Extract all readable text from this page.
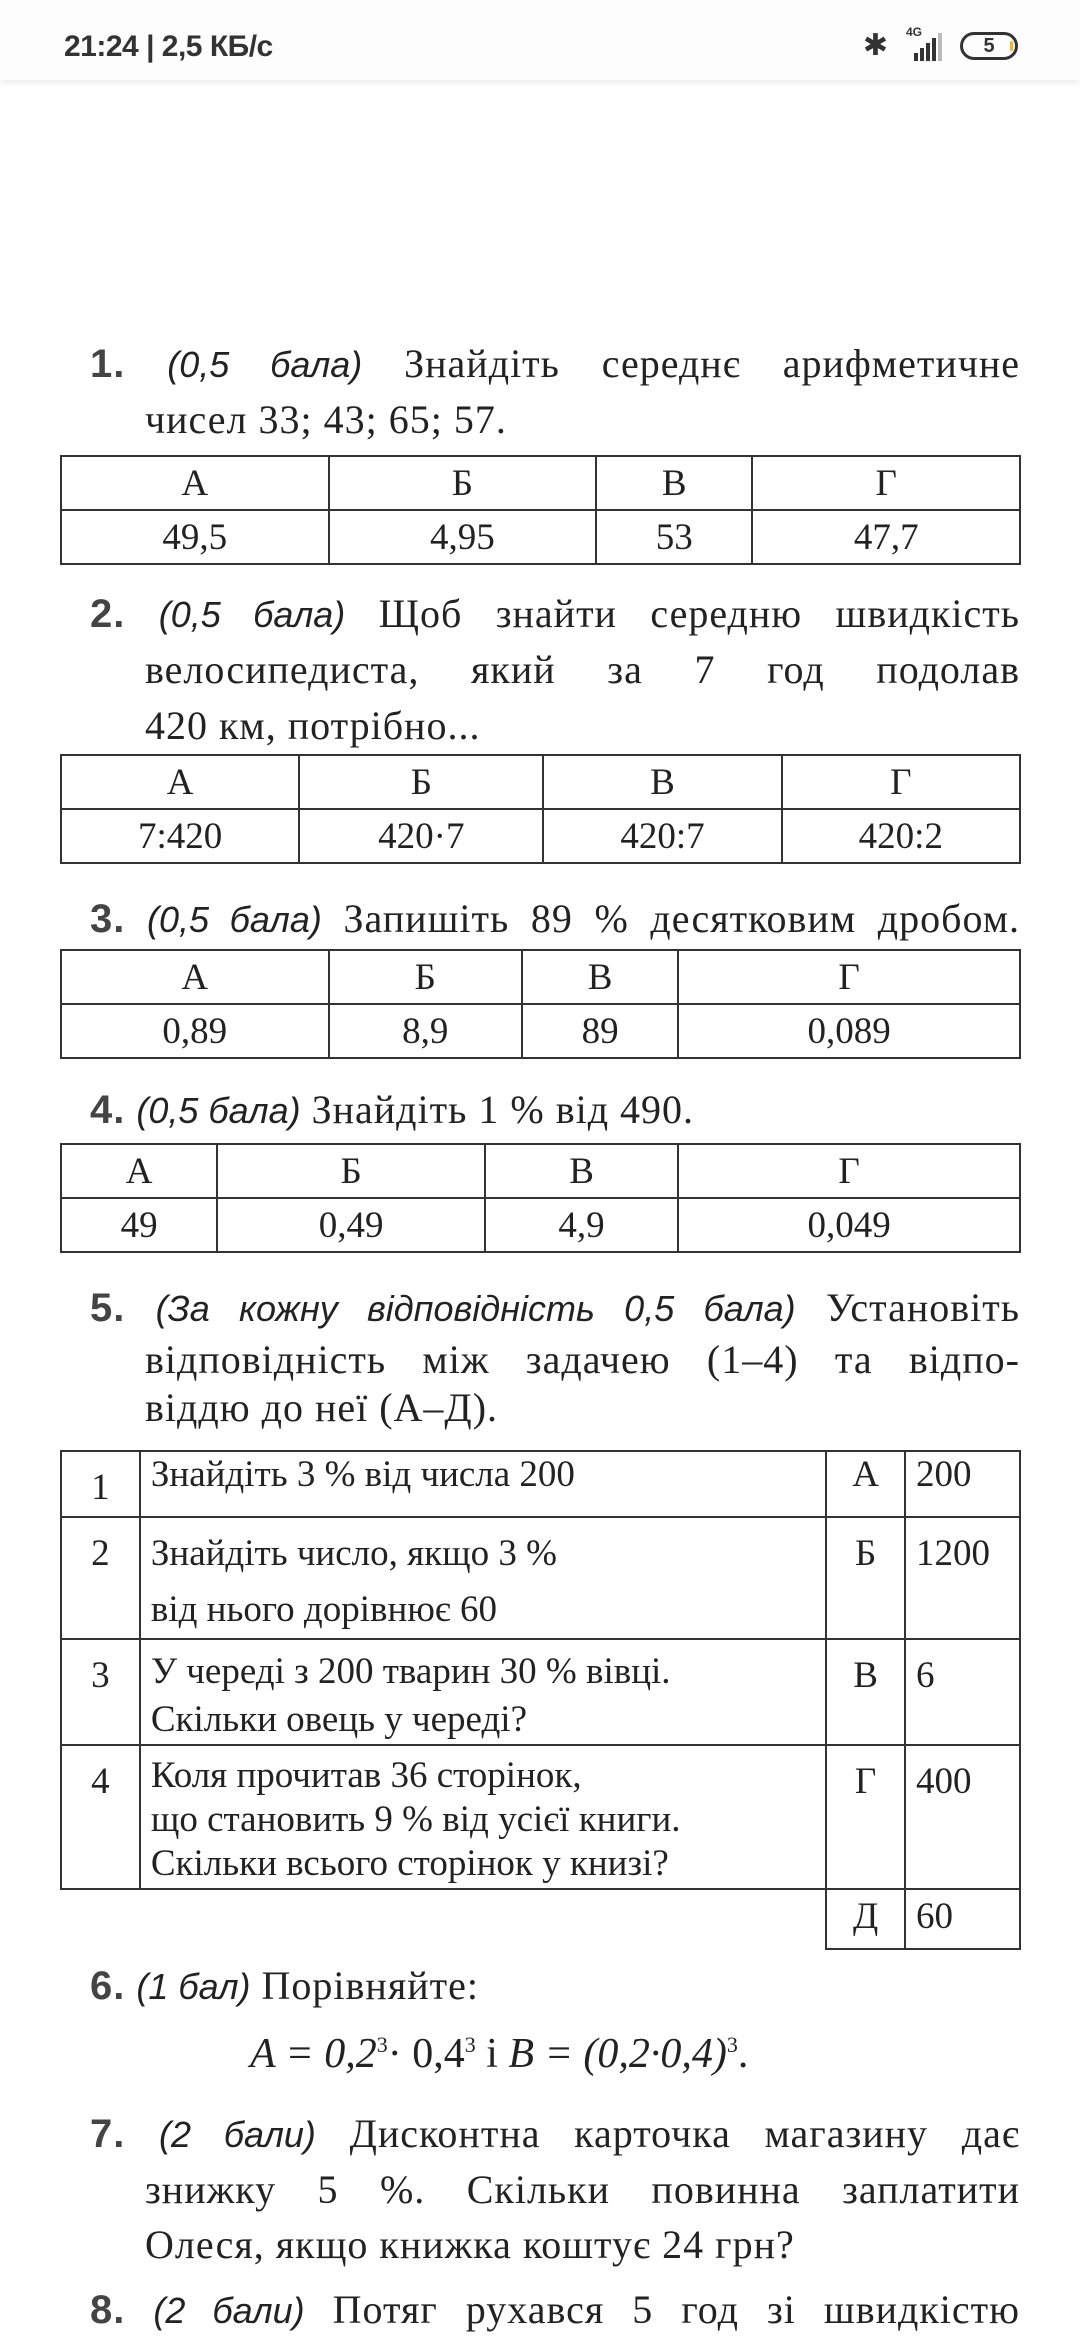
21:24 | 2,5 КБ/с	✱ 4G
5
1. (0,5 бала) Знайдіть середнє арифметичне
чисел 33; 43; 65; 57.
А	Б	В	Г
49,5	4,95	53	47,7
2. (0,5 бала) Щоб знайти середню швидкість
велосипедиста, який за 7 год подолав
420 км, потрібно...
А	Б	В	Г
7:420	420·7	420:7	420:2
3. (0,5 бала) Запишіть 89 % десятковим дробом.
А	Б	В	Г
0,89	8,9	89	0,089
4. (0,5 бала) Знайдіть 1 % від 490.
А	Б	В	Г
49	0,49	4,9	0,049
5. (За кожну відповідність 0,5 бала) Установіть
відповідність між задачею (1–4) та відпо-
віддю до неї (А–Д).
1	Знайдіть 3 % від числа 200	А	200
2	Знайдіть число, якщо 3 %
від нього дорівнює 60	Б	1200
3	У череді з 200 тварин 30 % вівці.
Скільки овець у череді?	В	6
4	Коля прочитав 36 сторінок,
що становить 9 % від усієї книги.
Скільки всього сторінок у книзі?	Г	400
		Д	60
6. (1 бал) Порівняйте:
$A = 0,2^3\cdot 0,4^3$ і $B = (0,2\cdot 0,4)^3$.
7. (2 бали) Дисконтна карточка магазину дає
знижку 5 %. Скільки повинна заплатити
Олеся, якщо книжка коштує 24 грн?
8. (2 бали) Потяг рухався 5 год зі швидкістю
